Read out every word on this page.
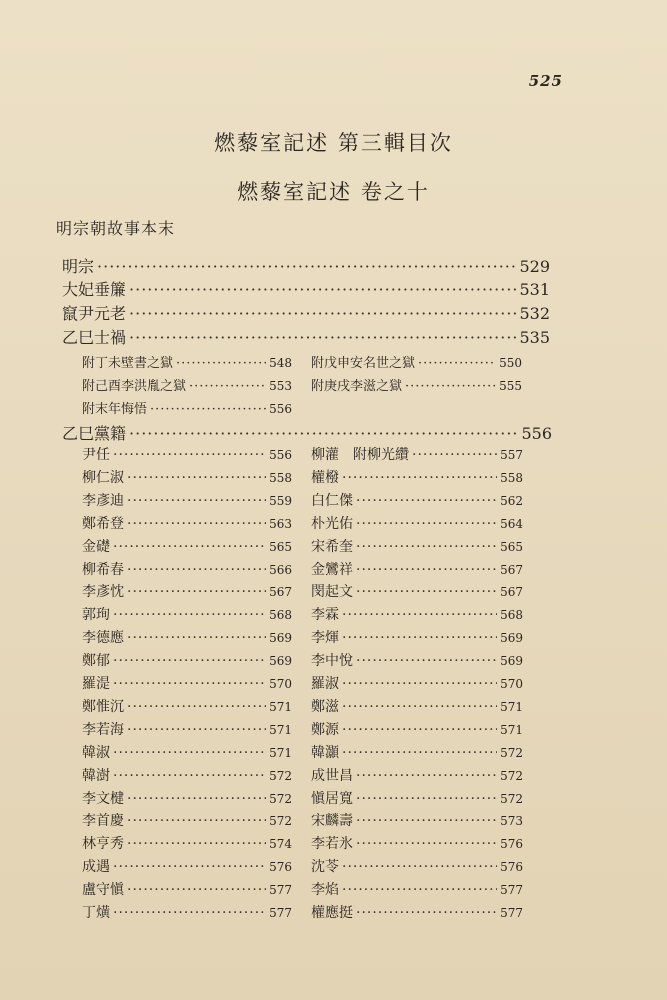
525
燃藜室記述 第三輯目次
燃藜室記述 卷之十
明宗朝故事本末
明宗 ·····	529
大妃垂簾 ·····	531
竄尹元老 ·····	532
乙巳士禍 ·····	535
附丁未壁書之獄 ·····	548 附戊申安名世之獄 ·····	550
附己酉李洪胤之獄 ·····	553 附庚戌李滋之獄 ·····	555
附末年悔悟 ·····	556
乙巳黨籍 ·····	556
尹任 ·····	556
柳仁淑 ·····	558
李彥迪 ·····	559
鄭希登 ·····	563
金礎 ·····	565
柳希春 ·····	566
李彥忱 ·····	567
郭珣 ·····	568
李德應 ·····	569
鄭郁 ·····	569
羅湜 ·····	570
鄭惟沉 ·····	571
李若海 ·····	571
韓淑 ·····	571
韓澍 ·····	572
李文楗 ·····	572
李首慶 ·····	572
林亨秀 ·····	574
成遇 ·····	576
盧守愼 ·····	577
丁熿 ·····	577
柳灌　附柳光纘 ·····	557
權橃 ·····	558
白仁傑 ·····	562
朴光佑 ·····	564
宋希奎 ·····	565
金鸞祥 ·····	567
閔起文 ·····	567
李霖 ·····	568
李煇 ·····	569
李中悅 ·····	569
羅淑 ·····	570
鄭滋 ·····	571
鄭源 ·····	571
韓灝 ·····	572
成世昌 ·····	572
愼居寬 ·····	572
宋麟壽 ·····	573
李若氷 ·····	576
沈苓 ·····	576
李焰 ·····	577
權應挺 ·····	577
